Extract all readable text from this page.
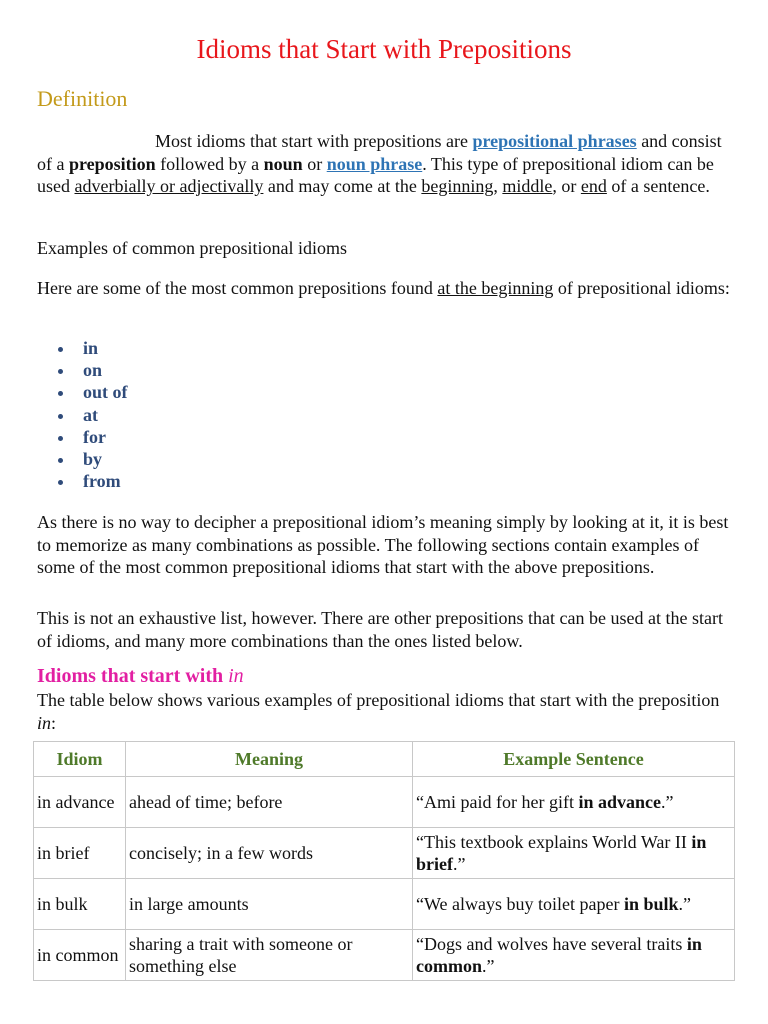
Idioms that Start with Prepositions
Definition

Most idioms that start with prepositions are prepositional phrases and consist of a preposition followed by a noun or noun phrase. This type of prepositional idiom can be used adverbially or adjectivally and may come at the beginning, middle, or end of a sentence.

Examples of common prepositional idioms

Here are some of the most common prepositions found at the beginning of prepositional idioms:

in
on
out of
at
for
by
from

As there is no way to decipher a prepositional idiom’s meaning simply by looking at it, it is best to memorize as many combinations as possible. The following sections contain examples of some of the most common prepositional idioms that start with the above prepositions.

This is not an exhaustive list, however. There are other prepositions that can be used at the start of idioms, and many more combinations than the ones listed below.

Idioms that start with in

The table below shows various examples of prepositional idioms that start with the preposition in:

Idiom	Meaning	Example Sentence
in advance	ahead of time; before	“Ami paid for her gift in advance.”
in brief	concisely; in a few words	“This textbook explains World War II in brief.”
in bulk	in large amounts	“We always buy toilet paper in bulk.”
in common	sharing a trait with someone or something else	“Dogs and wolves have several traits in common.”
